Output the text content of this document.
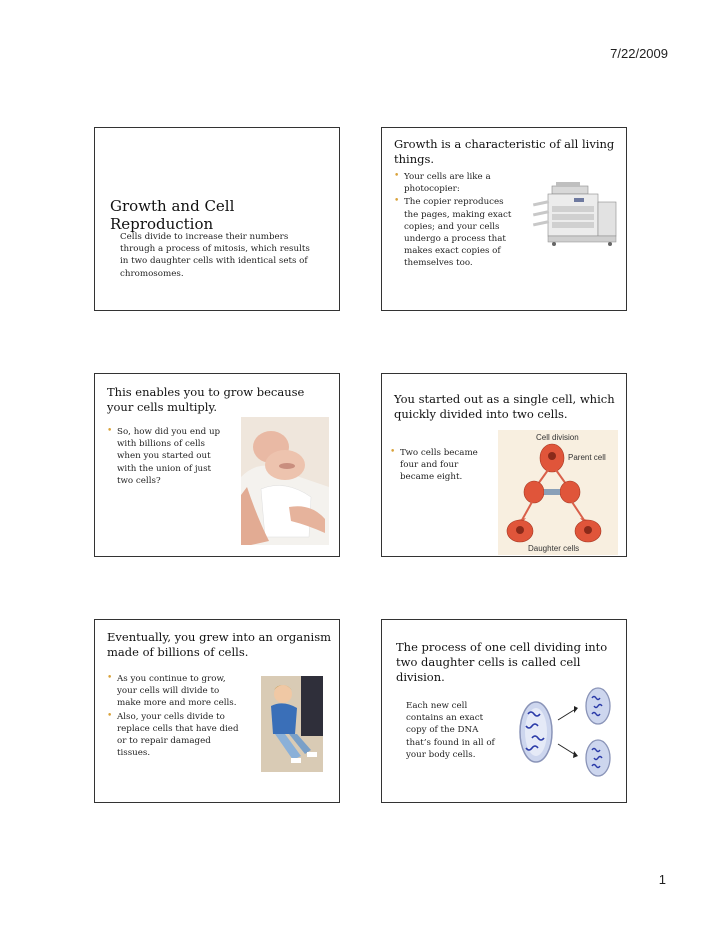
7/22/2009
Growth and Cell Reproduction
Cells divide to increase their numbers through a process of mitosis, which results in two daughter cells with identical sets of chromosomes.
Growth is a characteristic of all living things.
• Your cells are like a photocopier:
• The copier reproduces the pages, making exact copies; and your cells undergo a process that makes exact copies of themselves too.
This enables you to grow because your cells multiply.
• So, how did you end up with billions of cells when you started out with the union of just two cells?
You started out as a single cell, which quickly divided into two cells.
• Two cells became four and four became eight.
Cell division
Parent cell
Daughter cells
Eventually, you grew into an organism made of billions of cells.
• As you continue to grow, your cells will divide to make more and more cells.
• Also, your cells divide to replace cells that have died or to repair damaged tissues.
The process of one cell dividing into two daughter cells is called cell division.
Each new cell contains an exact copy of the DNA that’s found in all of your body cells.
1
